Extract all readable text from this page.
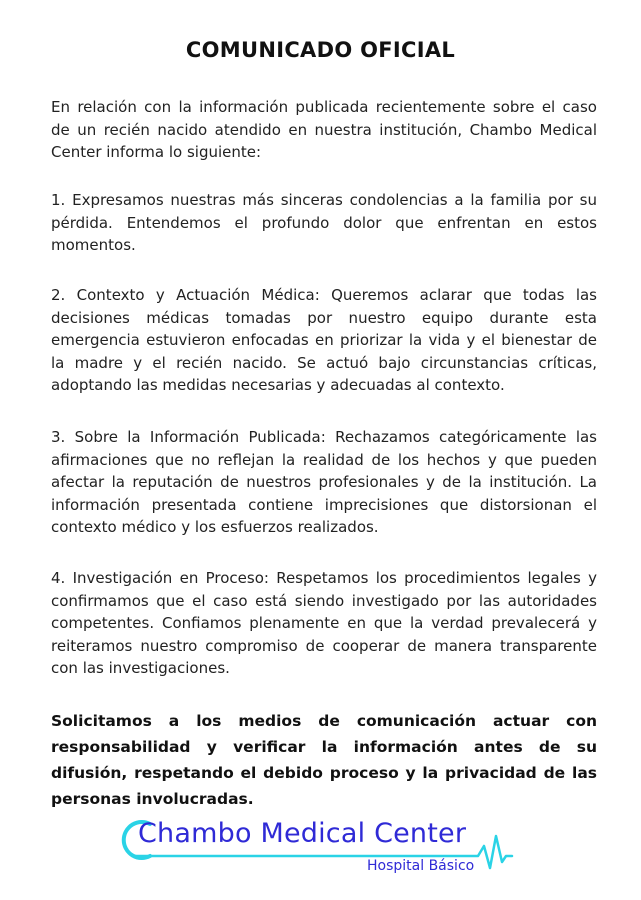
COMUNICADO OFICIAL
En relación con la información publicada recientemente sobre el caso de un recién nacido atendido en nuestra institución, Chambo Medical Center informa lo siguiente:
1. Expresamos nuestras más sinceras condolencias a la familia por su pérdida. Entendemos el profundo dolor que enfrentan en estos momentos.
2. Contexto y Actuación Médica: Queremos aclarar que todas las decisiones médicas tomadas por nuestro equipo durante esta emergencia estuvieron enfocadas en priorizar la vida y el bienestar de la madre y el recién nacido. Se actuó bajo circunstancias críticas, adoptando las medidas necesarias y adecuadas al contexto.
3. Sobre la Información Publicada: Rechazamos categóricamente las afirmaciones que no reflejan la realidad de los hechos y que pueden afectar la reputación de nuestros profesionales y de la institución. La información presentada contiene imprecisiones que distorsionan el contexto médico y los esfuerzos realizados.
4. Investigación en Proceso: Respetamos los procedimientos legales y confirmamos que el caso está siendo investigado por las autoridades competentes. Confiamos plenamente en que la verdad prevalecerá y reiteramos nuestro compromiso de cooperar de manera transparente con las investigaciones.
Solicitamos a los medios de comunicación actuar con responsabilidad y verificar la información antes de su difusión, respetando el debido proceso y la privacidad de las personas involucradas.
Chambo Medical Center
Hospital Básico
